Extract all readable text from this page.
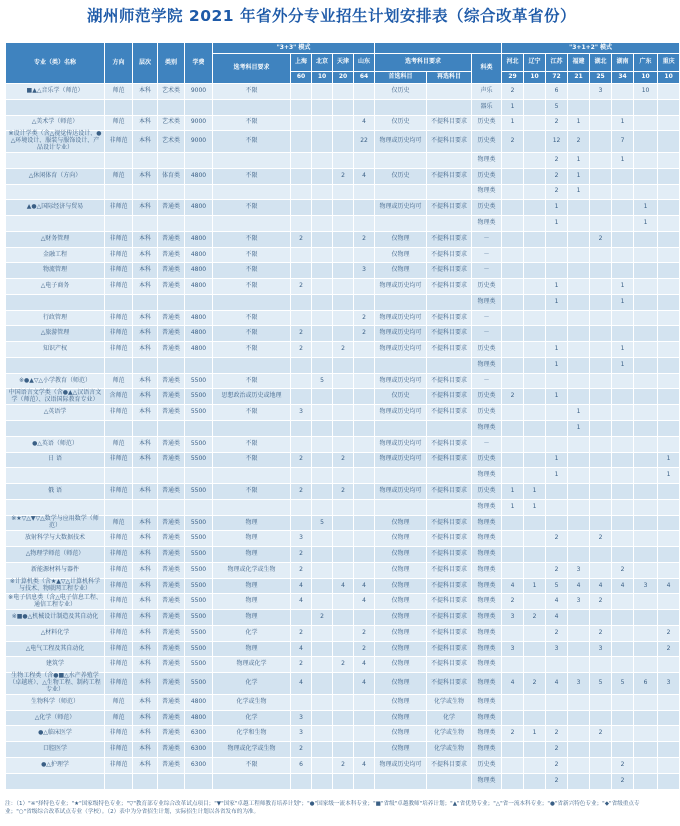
湖州师范学院 2021 年省外分专业招生计划安排表（综合改革省份）
专业（类）名称	方向	层次	类别	学费	"3+3" 模式								"3+1+2" 模式							
					选考科目要求	上海	北京	天津	山东	选考科目要求		科类	河北	辽宁	江苏	福建	湖北	湖南	广东	重庆
						60	10	20	64	首选科目	再选科目		29	10	72	21	25	34	10	10
■▲△音乐学（师范）	师范	本科	艺术类	9000	不限					仅历史		声乐	2		6		3		10	
												器乐	1		5					
△美术学（师范）	师范	本科	艺术类	9000	不限				4	仅历史	不提科目要求	历史类	1		2	1		1		
※设计学类（含△视觉传达设计、●△环境设计、服装与服饰设计、产品设计专业）	非师范	本科	艺术类	9000	不限				22	物理或历史均可	不提科目要求	历史类	2		12	2		7		
												物理类			2	1		1		
△休闲体育（方向）	师范	本科	体育类	4800	不限			2	4	仅历史	不提科目要求	历史类			2	1				
												物理类			2	1				
▲●△国际经济与贸易	非师范	本科	普通类	4800	不限					物理或历史均可	不提科目要求	历史类			1				1	
												物理类			1				1	
△财务管理	非师范	本科	普通类	4800	不限	2			2	仅物理	不提科目要求	－					2			
金融工程	非师范	本科	普通类	4800	不限					仅物理	不提科目要求	－								
物流管理	非师范	本科	普通类	4800	不限				3	仅物理	不提科目要求	－								
△电子商务	非师范	本科	普通类	4800	不限	2				物理或历史均可	不提科目要求	历史类			1			1		
												物理类			1			1		
行政管理	非师范	本科	普通类	4800	不限				2	物理或历史均可	不提科目要求	－								
△旅游管理	非师范	本科	普通类	4800	不限	2			2	物理或历史均可	不提科目要求	－								
知识产权	非师范	本科	普通类	4800	不限	2		2		物理或历史均可	不提科目要求	历史类			1			1		
												物理类			1			1		
※●▲▽△小学教育（师范）	师范	本科	普通类	5500	不限		5			物理或历史均可	不提科目要求	－								
中国语言文学类（含●▲△汉语言文学（师范）、汉语国际教育专业）	含师范	本科	普通类	5500	思想政治或历史或地理					仅历史	不提科目要求	历史类	2		1					
△英语学	非师范	本科	普通类	5500	不限	3				物理或历史均可	不提科目要求	历史类				1				
												物理类				1				
●△英语（师范）	师范	本科	普通类	5500	不限					物理或历史均可	不提科目要求	－								
日 语	非师范	本科	普通类	5500	不限	2		2		物理或历史均可	不提科目要求	历史类			1					1
												物理类			1					1
俄 语	非师范	本科	普通类	5500	不限	2		2		物理或历史均可	不提科目要求	历史类	1	1						
												物理类	1	1						
※★▽△▼▽△数学与应用数学（师范）	师范	本科	普通类	5500	物理		5			仅物理	不提科目要求	物理类								
放射科学与大数据技术	非师范	本科	普通类	5500	物理	3				仅物理	不提科目要求	物理类			2		2			
△物理学师范（师范）	非师范	本科	普通类	5500	物理	2				仅物理	不提科目要求	物理类								
新能源材料与器件	非师范	本科	普通类	5500	物理或化学或生物	2				仅物理	不提科目要求	物理类			2	3		2		
※计算机类（含★▲▽△计算机科学与技术、物联网工程专业）	非师范	本科	普通类	5500	物理	4		4	4	仅物理	不提科目要求	物理类	4	1	5	4	4	4	3	4
※电子信息类（含△电子信息工程、通信工程专业）	非师范	本科	普通类	5500	物理	4			4	仅物理	不提科目要求	物理类	2		4	3	2			
※■●△机械设计制造及其自动化	非师范	本科	普通类	5500	物理		2			仅物理	不提科目要求	物理类	3	2	4					
△材料化学	非师范	本科	普通类	5500	化学	2			2	仅物理	不提科目要求	物理类			2		2			2
△电气工程及其自动化	非师范	本科	普通类	5500	物理	4			2	仅物理	不提科目要求	物理类	3		3		3			2
建筑学	非师范	本科	普通类	5500	物理或化学	2		2	4	仅物理	不提科目要求	物理类								
生物工程类（含●■△水产养殖学（卓越班）、△生物工程、制药工程专业）	非师范	本科	普通类	5500	化学	4			4	仅物理	不提科目要求	物理类	4	2	4	3	5	5	6	3
生物科学（师范）	师范	本科	普通类	4800	化学或生物					仅物理	化学或生物	物理类								
△化学（师范）	师范	本科	普通类	4800	化学	3				仅物理	化学	物理类								
●△临床医学	非师范	本科	普通类	6300	化学和生物	3				仅物理	化学或生物	物理类	2	1	2		2			
口腔医学	非师范	本科	普通类	6300	物理或化学或生物	2				仅物理	化学或生物	物理类			2					
●△护理学	非师范	本科	普通类	6300	不限	6		2	4	物理或历史均可	不提科目要求	历史类			2			2		
												物理类			2			2		
注：（1）"※"择特色专业；"★"国家级特色专业；"▽"教育部专业综合改革试点项目；"▼"国家"卓越工程师教育培养计划"；"●"国家级一流本科专业；"■"省级"卓越教师"培养计划；"▲"省优势专业；"△"省一流本科专业；"●"省新兴特色专业；"◆"省级重点专业；"○"省级综合改革试点专业（学校）。（2）表中为分省招生计划，实际招生计划以各省发布的为准。
